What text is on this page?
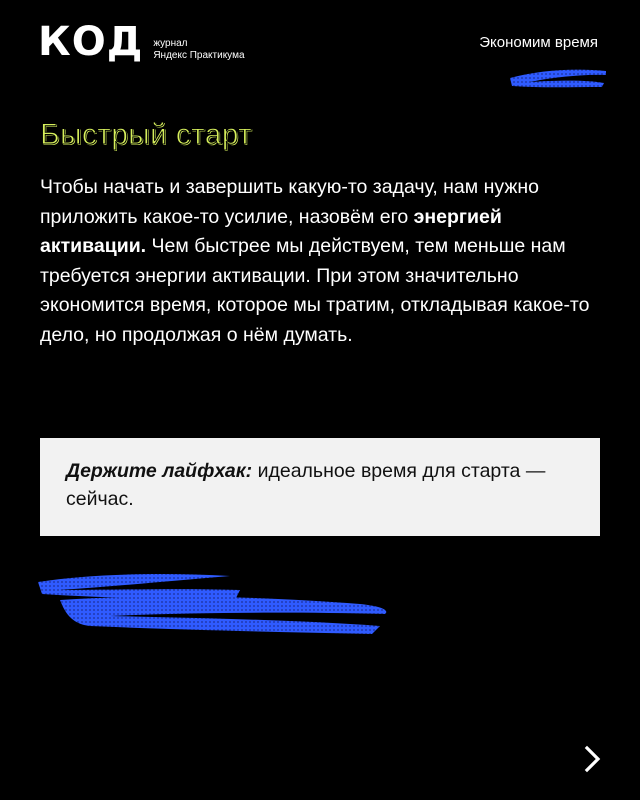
КОД журнал
Яндекс Практикума
Экономим время
Быстрый старт
Чтобы начать и завершить какую-то задачу, нам нужно приложить какое-то усилие, назовём его энергией активации. Чем быстрее мы действуем, тем меньше нам требуется энергии активации. При этом значительно экономится время, которое мы тратим, откладывая какое-то дело, но продолжая о нём думать.
Держите лайфхак: идеальное время для старта — сейчас.
